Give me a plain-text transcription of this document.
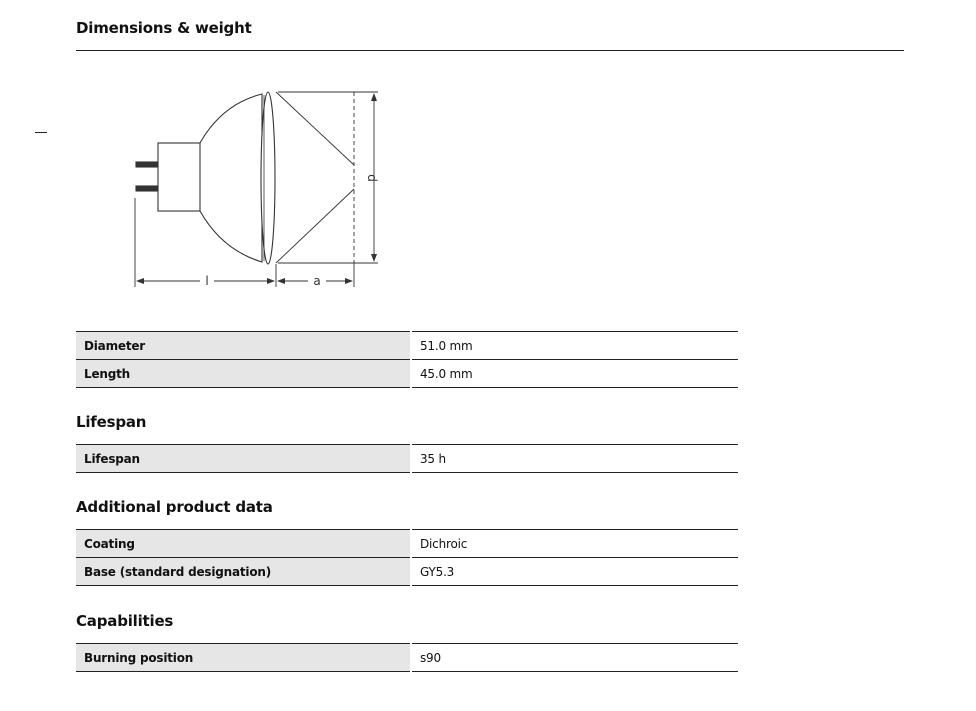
Dimensions & weight
l	a
d
Diameter	51.0 mm
Length	45.0 mm
Lifespan
Lifespan	35 h
Additional product data
Coating	Dichroic
Base (standard designation)	GY5.3
Capabilities
Burning position	s90
